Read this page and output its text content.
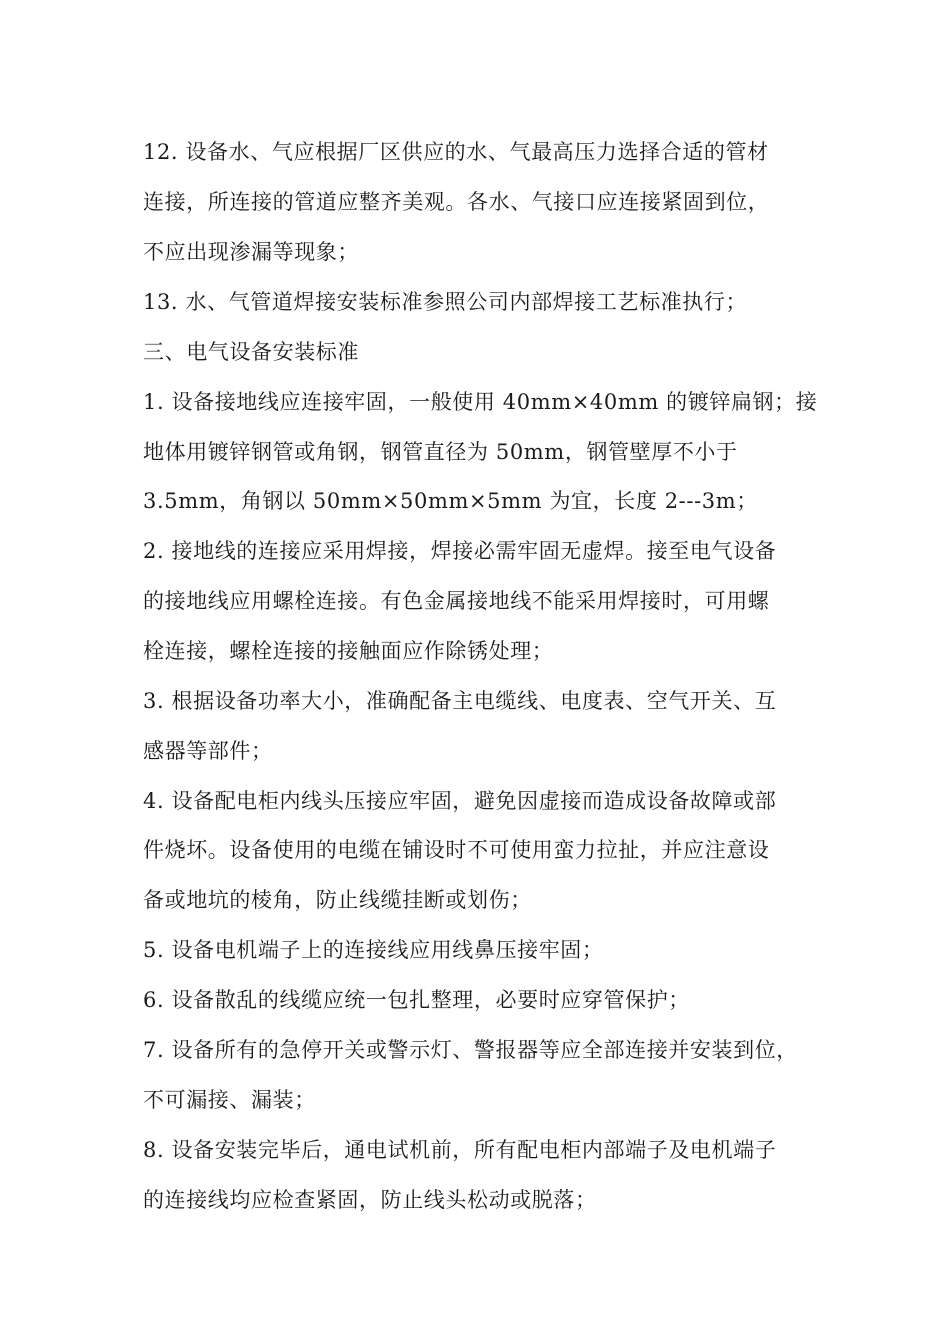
12. 设备水、气应根据厂区供应的水、气最高压力选择合适的管材
连接，所连接的管道应整齐美观。各水、气接口应连接紧固到位，
不应出现渗漏等现象；
13. 水、气管道焊接安装标准参照公司内部焊接工艺标准执行；
三、电气设备安装标准
1. 设备接地线应连接牢固，一般使用 40mm×40mm 的镀锌扁钢；接
地体用镀锌钢管或角钢，钢管直径为 50mm，钢管壁厚不小于
3.5mm，角钢以 50mm×50mm×5mm 为宜，长度 2---3m；
2. 接地线的连接应采用焊接，焊接必需牢固无虚焊。接至电气设备
的接地线应用螺栓连接。有色金属接地线不能采用焊接时，可用螺
栓连接，螺栓连接的接触面应作除锈处理；
3. 根据设备功率大小，准确配备主电缆线、电度表、空气开关、互
感器等部件；
4. 设备配电柜内线头压接应牢固，避免因虚接而造成设备故障或部
件烧坏。设备使用的电缆在铺设时不可使用蛮力拉扯，并应注意设
备或地坑的棱角，防止线缆挂断或划伤；
5. 设备电机端子上的连接线应用线鼻压接牢固；
6. 设备散乱的线缆应统一包扎整理，必要时应穿管保护；
7. 设备所有的急停开关或警示灯、警报器等应全部连接并安装到位，
不可漏接、漏装；
8. 设备安装完毕后，通电试机前，所有配电柜内部端子及电机端子
的连接线均应检查紧固，防止线头松动或脱落；
